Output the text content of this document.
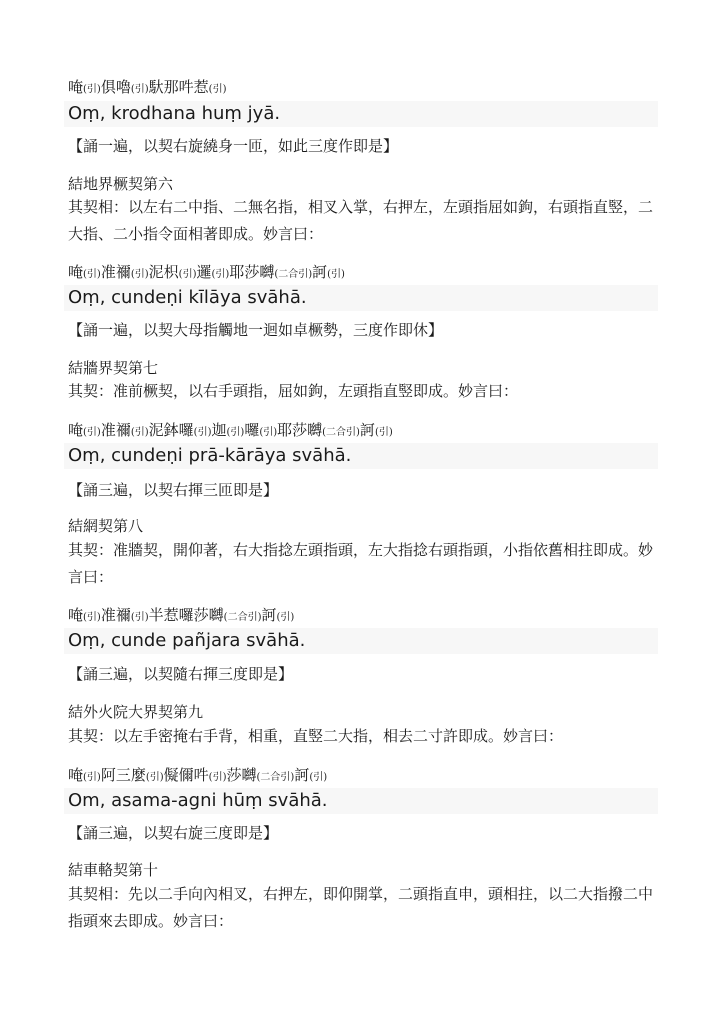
唵(引)俱嚕(引)馱那吽惹(引)
Oṃ, krodhana huṃ jyā.
【誦一遍，以契右旋繞身一匝，如此三度作即是】
結地界橛契第六
其契相：以左右二中指、二無名指，相叉入掌，右押左，左頭指屈如鉤，右頭指直竪，二大指、二小指令面相著即成。妙言曰：
唵(引)准禰(引)泥枳(引)邏(引)耶莎嚩(二合引)訶(引)
Oṃ, cundeṇi kīlāya svāhā.
【誦一遍，以契大母指觸地一迴如卓橛勢，三度作即休】
結牆界契第七
其契：准前橛契，以右手頭指，屈如鉤，左頭指直竪即成。妙言曰：
唵(引)准禰(引)泥鉢囉(引)迦(引)囉(引)耶莎嚩(二合引)訶(引)
Oṃ, cundeṇi prā-kārāya svāhā.
【誦三遍，以契右揮三匝即是】
結網契第八
其契：准牆契，開仰著，右大指捻左頭指頭，左大指捻右頭指頭，小指依舊相拄即成。妙言曰：
唵(引)准禰(引)半惹囉莎嚩(二合引)訶(引)
Oṃ, cunde pañjara svāhā.
【誦三遍，以契隨右揮三度即是】
結外火院大界契第九
其契：以左手密掩右手背，相重，直竪二大指，相去二寸許即成。妙言曰：
唵(引)阿三麼(引)儗儞吽(引)莎嚩(二合引)訶(引)
Om, asama-agni hūṃ svāhā.
【誦三遍，以契右旋三度即是】
結車輅契第十
其契相：先以二手向內相叉，右押左，即仰開掌，二頭指直申，頭相拄，以二大指撥二中指頭來去即成。妙言曰：
